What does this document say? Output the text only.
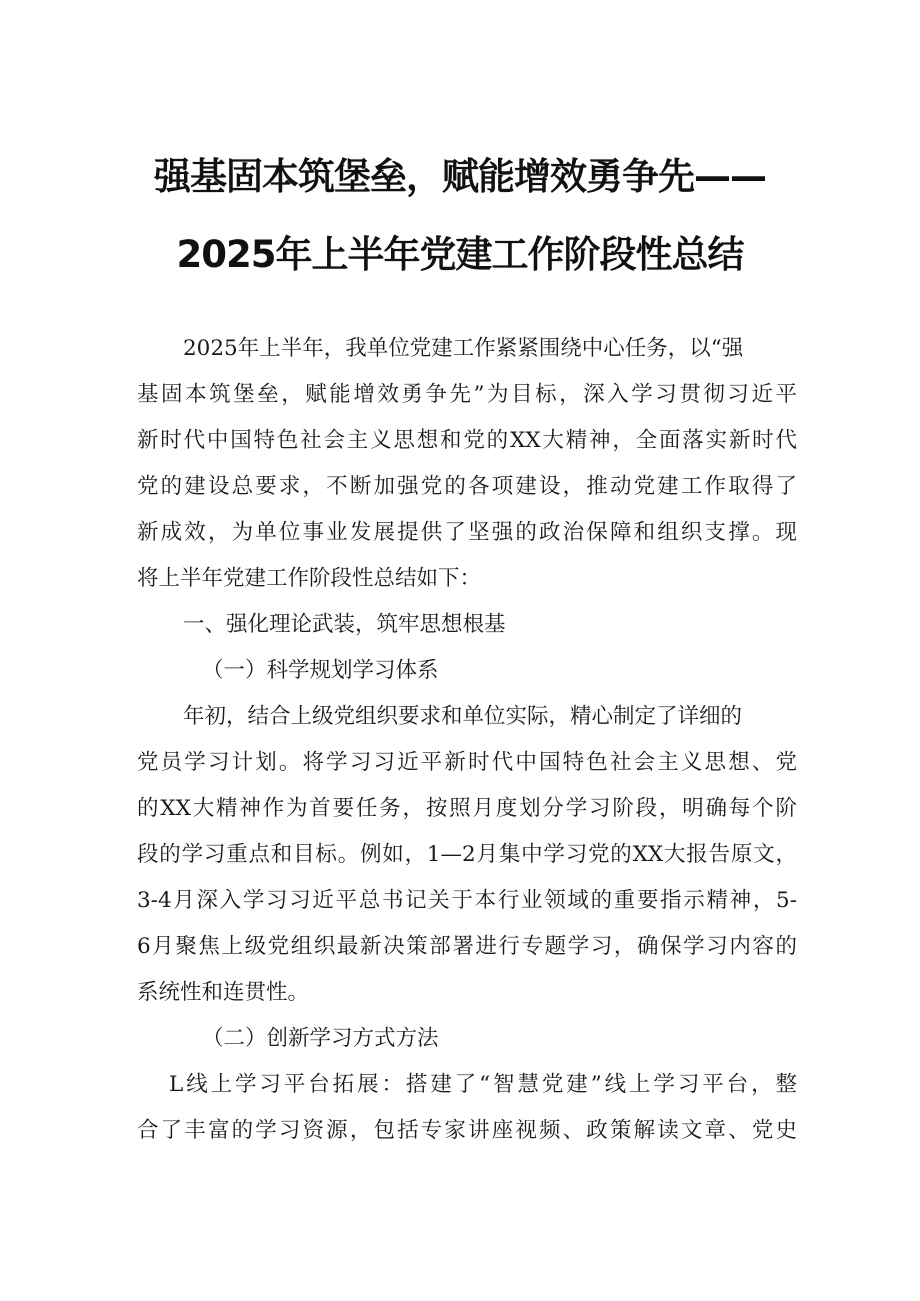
强基固本筑堡垒，赋能增效勇争先——
2025年上半年党建工作阶段性总结
2025年上半年，我单位党建工作紧紧围绕中心任务，以“强
基固本筑堡垒，赋能增效勇争先”为目标，深入学习贯彻习近平
新时代中国特色社会主义思想和党的XX大精神，全面落实新时代
党的建设总要求，不断加强党的各项建设，推动党建工作取得了
新成效，为单位事业发展提供了坚强的政治保障和组织支撑。现
将上半年党建工作阶段性总结如下：
一、强化理论武装，筑牢思想根基
（一）科学规划学习体系
年初，结合上级党组织要求和单位实际，精心制定了详细的
党员学习计划。将学习习近平新时代中国特色社会主义思想、党
的XX大精神作为首要任务，按照月度划分学习阶段，明确每个阶
段的学习重点和目标。例如，1—2月集中学习党的XX大报告原文，
3-4月深入学习习近平总书记关于本行业领域的重要指示精神，5-
6月聚焦上级党组织最新决策部署进行专题学习，确保学习内容的
系统性和连贯性。
（二）创新学习方式方法
L线上学习平台拓展：搭建了“智慧党建”线上学习平台，整
合了丰富的学习资源，包括专家讲座视频、政策解读文章、党史
